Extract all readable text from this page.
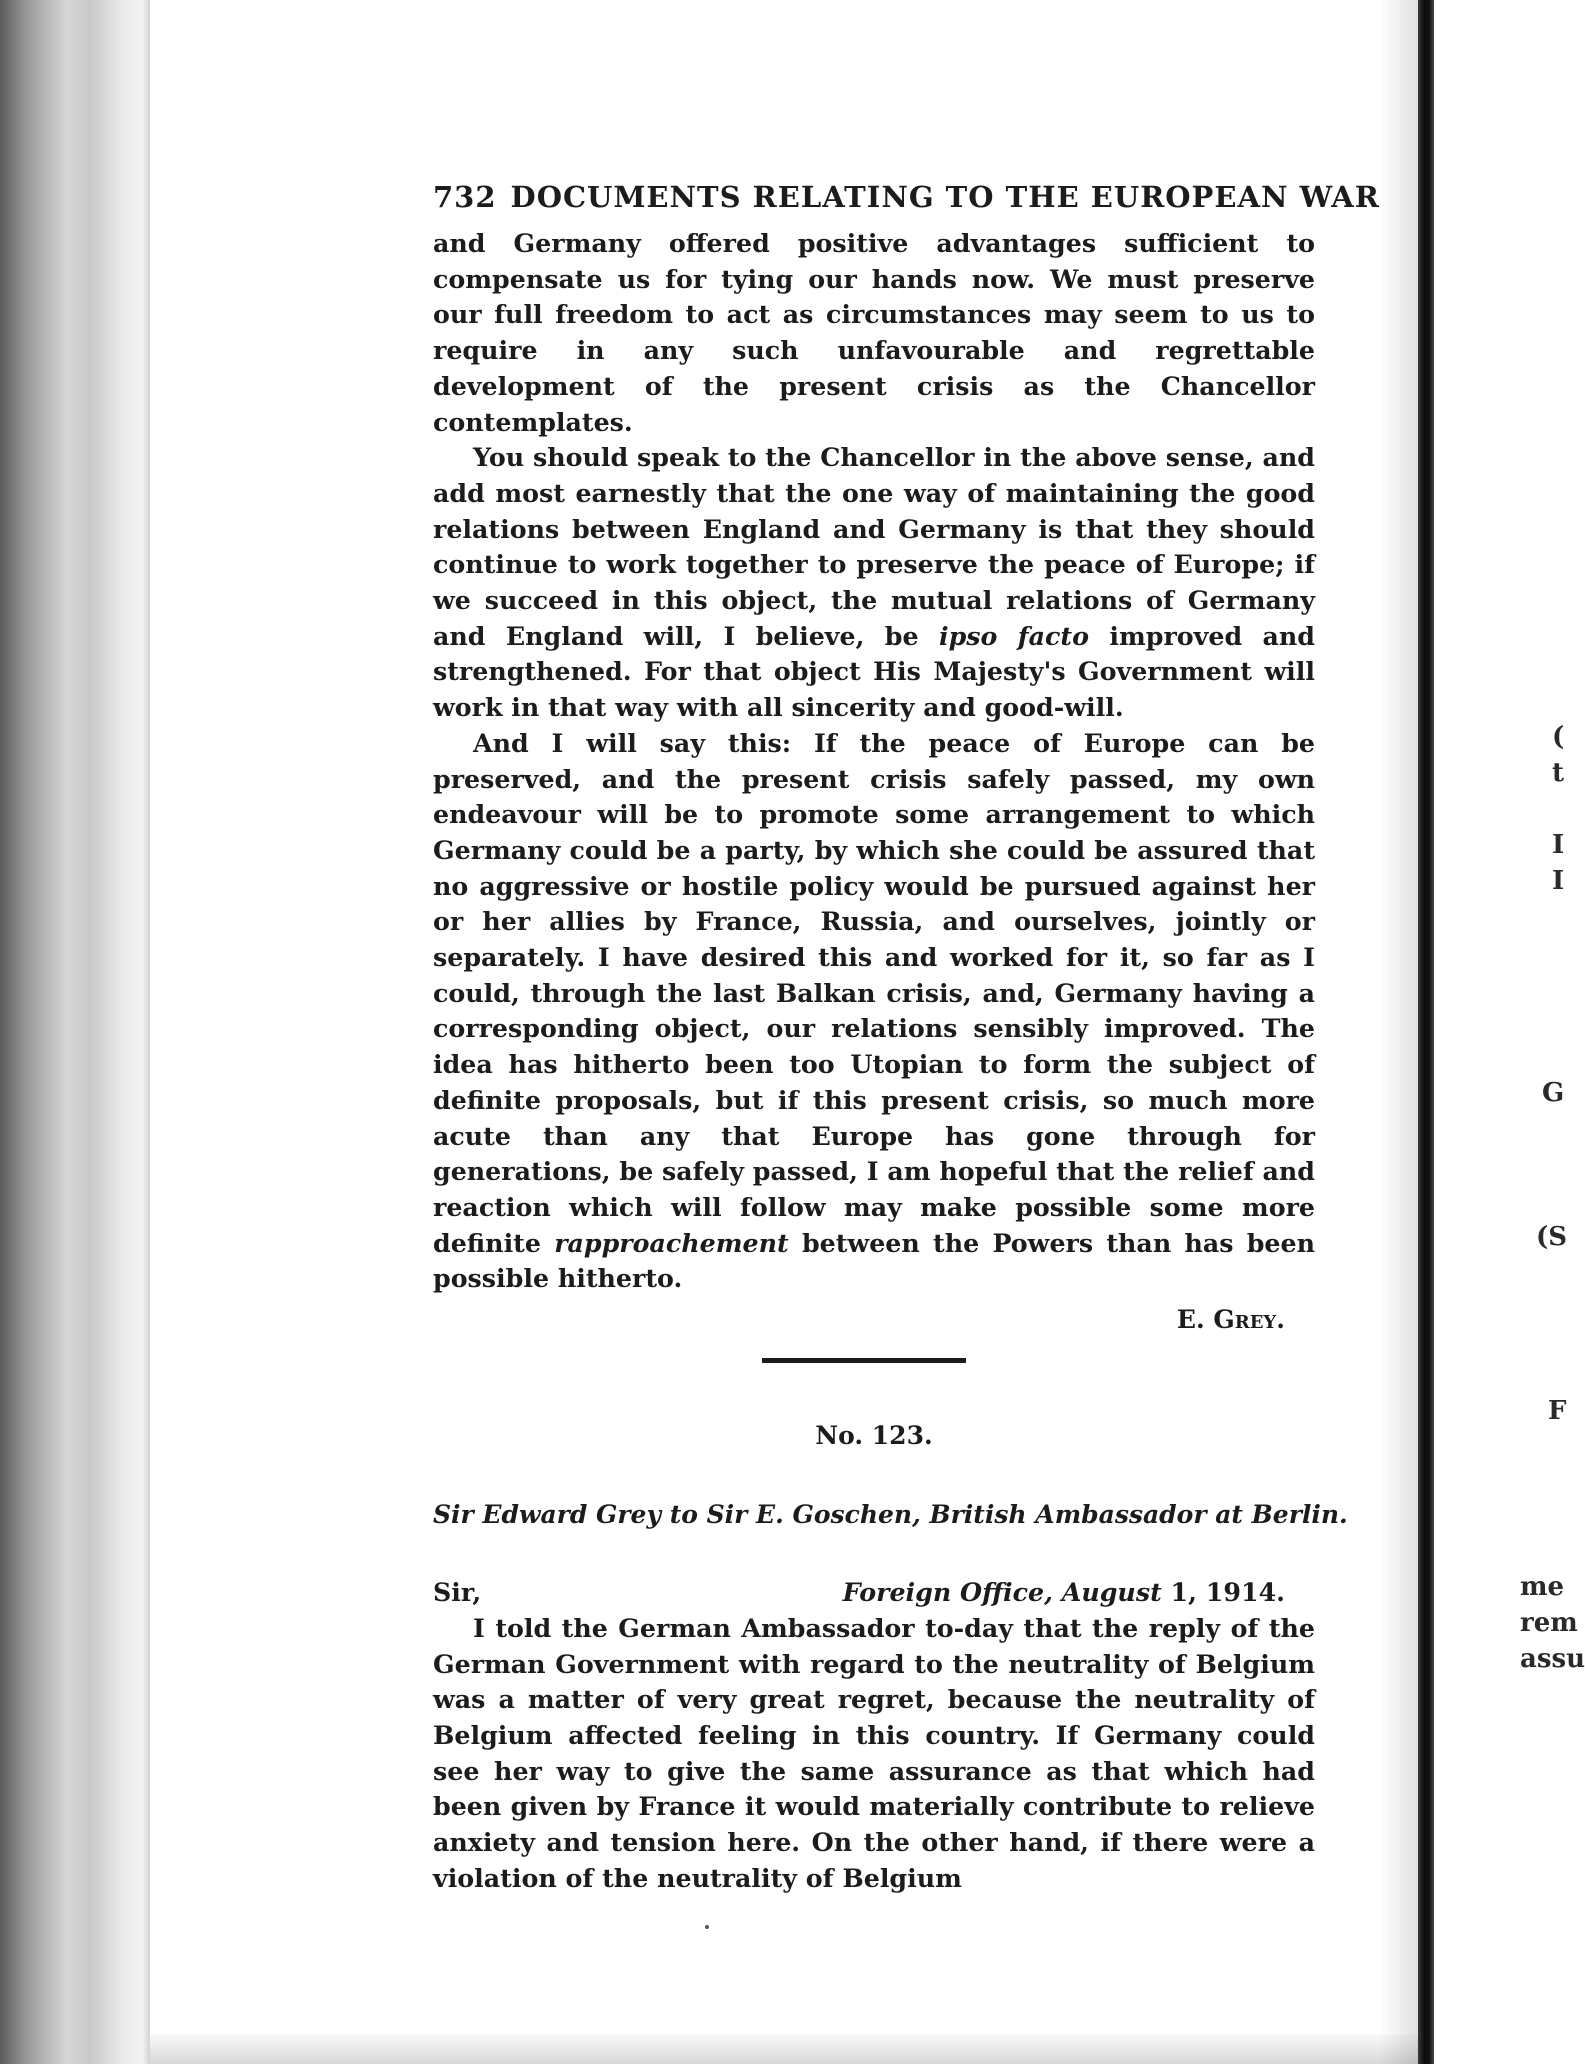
(
t
I
I
G
(S
F
me
rem
assu
732 DOCUMENTS RELATING TO THE EUROPEAN WAR

and Germany offered positive advantages sufficient to compensate us for tying our hands now. We must preserve our full freedom to act as circumstances may seem to us to require in any such unfavourable and regrettable development of the present crisis as the Chancellor contemplates.

You should speak to the Chancellor in the above sense, and add most earnestly that the one way of maintaining the good relations between England and Germany is that they should continue to work together to preserve the peace of Europe; if we succeed in this object, the mutual relations of Germany and England will, I believe, be ipso facto improved and strengthened. For that object His Majesty's Government will work in that way with all sincerity and good-will.

And I will say this: If the peace of Europe can be preserved, and the present crisis safely passed, my own endeavour will be to promote some arrangement to which Germany could be a party, by which she could be assured that no aggressive or hostile policy would be pursued against her or her allies by France, Russia, and ourselves, jointly or separately. I have desired this and worked for it, so far as I could, through the last Balkan crisis, and, Germany having a corresponding object, our relations sensibly improved. The idea has hitherto been too Utopian to form the subject of definite proposals, but if this present crisis, so much more acute than any that Europe has gone through for generations, be safely passed, I am hopeful that the relief and reaction which will follow may make possible some more definite rapproachement between the Powers than has been possible hitherto.

E. Grey.
No. 123.
Sir Edward Grey to Sir E. Goschen, British Ambassador at Berlin.
Sir,	Foreign Office, August 1, 1914.

I told the German Ambassador to-day that the reply of the German Government with regard to the neutrality of Belgium was a matter of very great regret, because the neutrality of Belgium affected feeling in this country. If Germany could see her way to give the same assurance as that which had been given by France it would materially contribute to relieve anxiety and tension here. On the other hand, if there were a violation of the neutrality of Belgium
